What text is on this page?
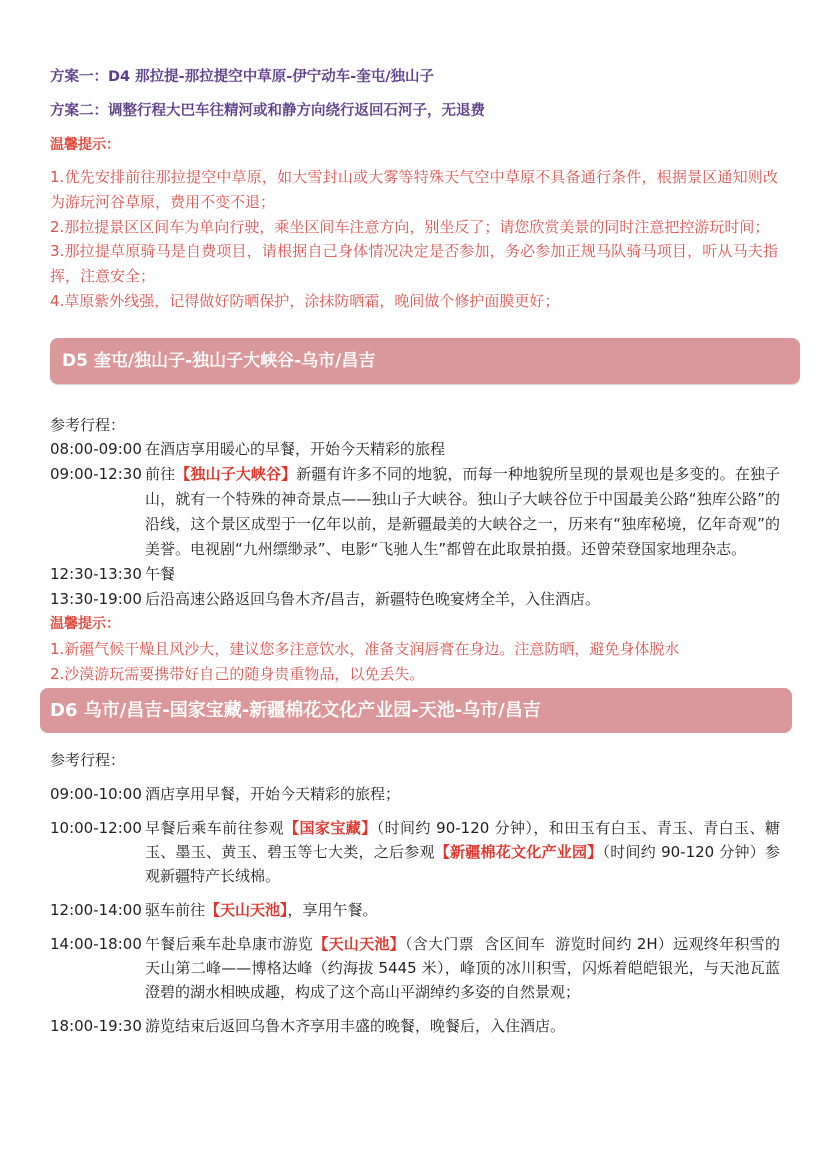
方案一：D4 那拉提-那拉提空中草原-伊宁动车-奎屯/独山子
方案二：调整行程大巴车往精河或和静方向绕行返回石河子，无退费
温馨提示：

1.优先安排前往那拉提空中草原，如大雪封山或大雾等特殊天气空中草原不具备通行条件，根据景区通知则改为游玩河谷草原，费用不变不退；

2.那拉提景区区间车为单向行驶，乘坐区间车注意方向，别坐反了；请您欣赏美景的同时注意把控游玩时间；

3.那拉提草原骑马是自费项目，请根据自己身体情况决定是否参加，务必参加正规马队骑马项目，听从马夫指挥，注意安全；

4.草原紫外线强，记得做好防晒保护，涂抹防晒霜，晚间做个修护面膜更好；

D5 奎屯/独山子-独山子大峡谷-乌市/昌吉
参考行程：
08:00-09:00 在酒店享用暖心的早餐，开始今天精彩的旅程
09:00-12:30 前往【独山子大峡谷】新疆有许多不同的地貌，而每一种地貌所呈现的景观也是多变的。在独子山，就有一个特殊的神奇景点——独山子大峡谷。独山子大峡谷位于中国最美公路“独库公路”的沿线，这个景区成型于一亿年以前，是新疆最美的大峡谷之一，历来有“独库秘境，亿年奇观”的美誉。电视剧“九州缥缈录”、电影“飞驰人生”都曾在此取景拍摄。还曾荣登国家地理杂志。
12:30-13:30 午餐
13:30-19:00 后沿高速公路返回乌鲁木齐/昌吉，新疆特色晚宴烤全羊，入住酒店。
温馨提示：

1.新疆气候干燥且风沙大，建议您多注意饮水，准备支润唇膏在身边。注意防晒，避免身体脱水

2.沙漠游玩需要携带好自己的随身贵重物品，以免丢失。

D6 乌市/昌吉-国家宝藏-新疆棉花文化产业园-天池-乌市/昌吉
参考行程：
09:00-10:00 酒店享用早餐，开始今天精彩的旅程；
10:00-12:00 早餐后乘车前往参观【国家宝藏】（时间约 90-120 分钟），和田玉有白玉、青玉、青白玉、糖玉、墨玉、黄玉、碧玉等七大类，之后参观【新疆棉花文化产业园】（时间约 90-120 分钟）参观新疆特产长绒棉。
12:00-14:00 驱车前往【天山天池】，享用午餐。
14:00-18:00 午餐后乘车赴阜康市游览【天山天池】（含大门票  含区间车  游览时间约 2H）远观终年积雪的天山第二峰——博格达峰（约海拔 5445 米），峰顶的冰川积雪，闪烁着皑皑银光，与天池瓦蓝澄碧的湖水相映成趣，构成了这个高山平湖绰约多姿的自然景观；
18:00-19:30 游览结束后返回乌鲁木齐享用丰盛的晚餐，晚餐后，入住酒店。
